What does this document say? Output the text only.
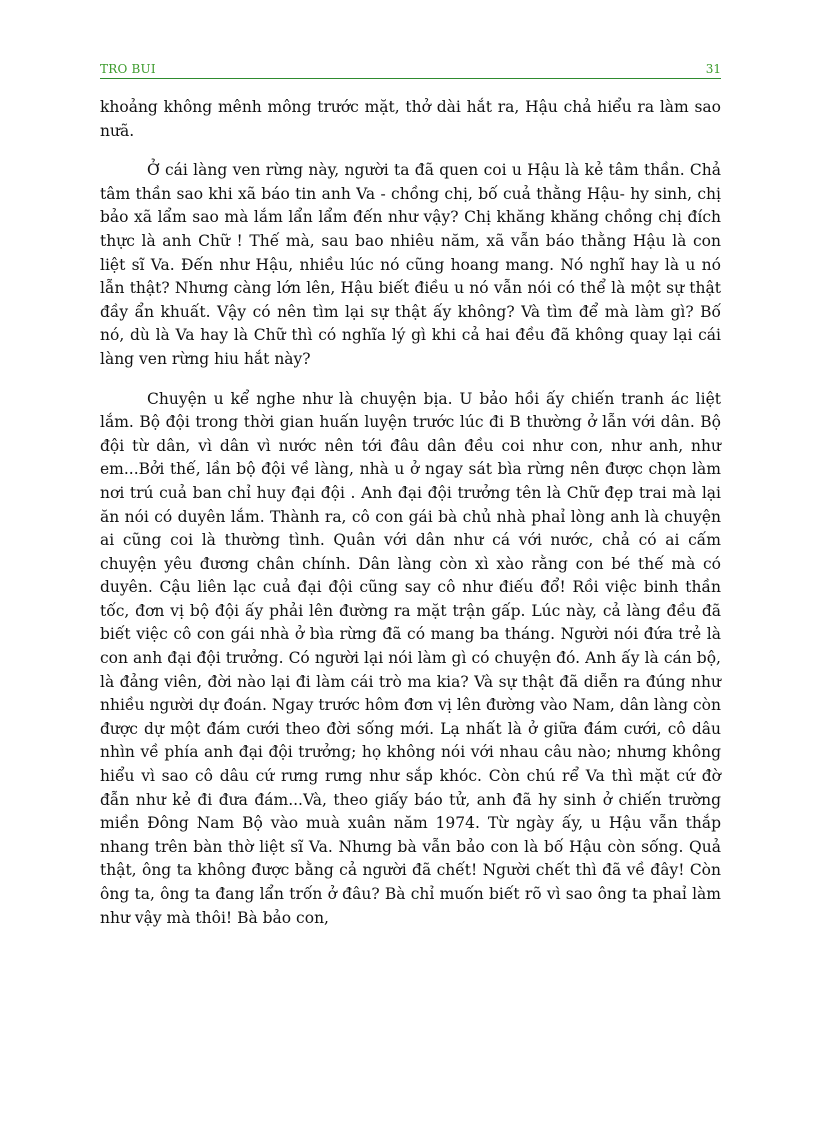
TRO BUI	31

khoảng không mênh mông trước mặt, thở dài hắt ra, Hậu chả hiểu ra làm sao nưã.

Ở cái làng ven rừng này, người ta đã quen coi u Hậu là kẻ tâm thần. Chả tâm thần sao khi xã báo tin anh Va - chồng chị, bố cuả thằng Hậu- hy sinh, chị bảo xã lẩm sao mà lắm lẩn lẩm đến như vậy? Chị khăng khăng chồng chị đích thực là anh Chữ ! Thế mà, sau bao nhiêu năm, xã vẫn báo thằng Hậu là con liệt sĩ Va. Đến như Hậu, nhiều lúc nó cũng hoang mang. Nó nghĩ hay là u nó lẫn thật? Nhưng càng lớn lên, Hậu biết điều u nó vẫn nói có thể là một sự thật đầy ẩn khuất. Vậy có nên tìm lại sự thật ấy không? Và tìm để mà làm gì? Bố nó, dù là Va hay là Chữ thì có nghĩa lý gì khi cả hai đều đã không quay lại cái làng ven rừng hiu hắt này?

Chuyện u kể nghe như là chuyện bịa. U bảo hồi ấy chiến tranh ác liệt lắm. Bộ đội trong thời gian huấn luyện trước lúc đi B thường ở lẫn với dân. Bộ đội từ dân, vì dân vì nước nên tới đâu dân đều coi như con, như anh, như em...Bởi thế, lần bộ đội về làng, nhà u ở ngay sát bìa rừng nên được chọn làm nơi trú cuả ban chỉ huy đại đội . Anh đại đội trưởng tên là Chữ đẹp trai mà lại ăn nói có duyên lắm. Thành ra, cô con gái bà chủ nhà phaỉ lòng anh là chuyện ai cũng coi là thường tình. Quân với dân như cá với nước, chả có ai cấm chuyện yêu đương chân chính. Dân làng còn xì xào rằng con bé thế mà có duyên. Cậu liên lạc cuả đại đội cũng say cô như điếu đổ! Rồi việc binh thần tốc, đơn vị bộ đội ấy phải lên đường ra mặt trận gấp. Lúc này, cả làng đều đã biết việc cô con gái nhà ở bìa rừng đã có mang ba tháng. Người nói đứa trẻ là con anh đại đội trưởng. Có người lại nói làm gì có chuyện đó. Anh ấy là cán bộ, là đảng viên, đời nào lại đi làm cái trò ma kia? Và sự thật đã diễn ra đúng như nhiều người dự đoán. Ngay trước hôm đơn vị lên đường vào Nam, dân làng còn được dự một đám cưới theo đời sống mới. Lạ nhất là ở giữa đám cưới, cô dâu nhìn về phía anh đại đội trưởng; họ không nói với nhau câu nào; nhưng không hiểu vì sao cô dâu cứ rưng rưng như sắp khóc. Còn chú rể Va thì mặt cứ đờ đẫn như kẻ đi đưa đám...Và, theo giấy báo tử, anh đã hy sinh ở chiến trường miền Đông Nam Bộ vào muà xuân năm 1974. Từ ngày ấy, u Hậu vẫn thắp nhang trên bàn thờ liệt sĩ Va. Nhưng bà vẫn bảo con là bố Hậu còn sống. Quả thật, ông ta không được bằng cả người đã chết! Người chết thì đã về đây! Còn ông ta, ông ta đang lẩn trốn ở đâu? Bà chỉ muốn biết rõ vì sao ông ta phaỉ làm như vậy mà thôi! Bà bảo con,
